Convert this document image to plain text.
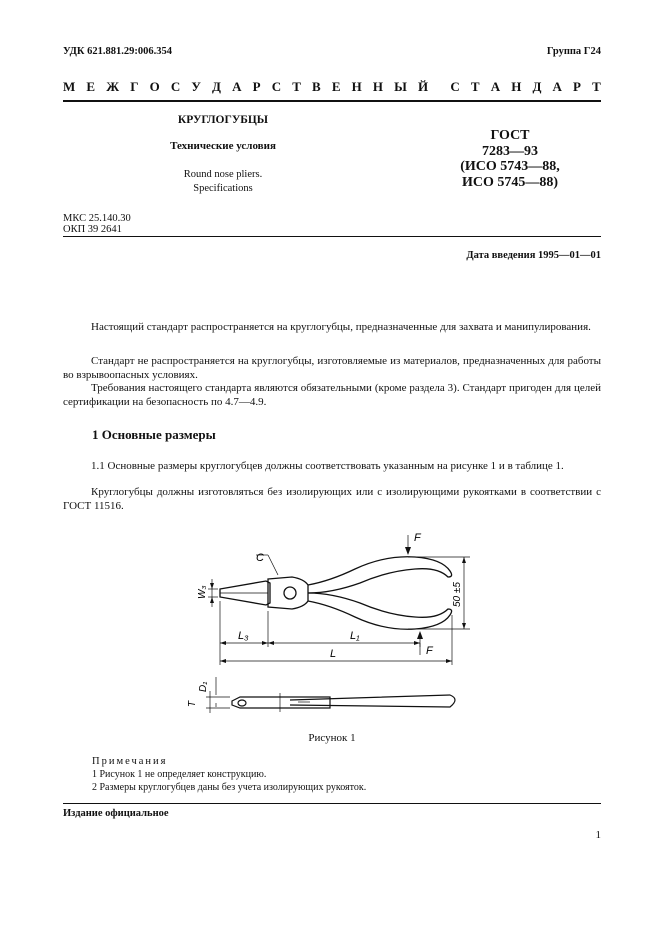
УДК 621.881.29:006.354	Группа Г24
М Е Ж Г О С У Д А Р С Т В Е Н Н Ы Й С Т А Н Д А Р Т
КРУГЛОГУБЦЫ
Технические условия
Round nose pliers.
Specifications
ГОСТ
7283—93
(ИСО 5743—88,
ИСО 5745—88)
МКС 25.140.30
ОКП 39 2641
Дата введения 1995—01—01
Настоящий стандарт распространяется на круглогубцы, предназначенные для захвата и манипулирования.
Стандарт не распространяется на круглогубцы, изготовляемые из материалов, предназначенных для работы во взрывоопасных условиях.
Требования настоящего стандарта являются обязательными (кроме раздела 3). Стандарт пригоден для целей сертификации на безопасность по 4.7—4.9.
1 Основные размеры
1.1 Основные размеры круглогубцев должны соответствовать указанным на рисунке 1 и в таблице 1.
Круглогубцы должны изготовляться без изолирующих или с изолирующими рукоятками в соответствии с ГОСТ 11516.
C
F
F
W₃
L₃	L₁
L
50 ±5
D₁
T
Рисунок 1
Примечания
1 Рисунок 1 не определяет конструкцию.
2 Размеры круглогубцев даны без учета изолирующих рукояток.
Издание официальное
1
